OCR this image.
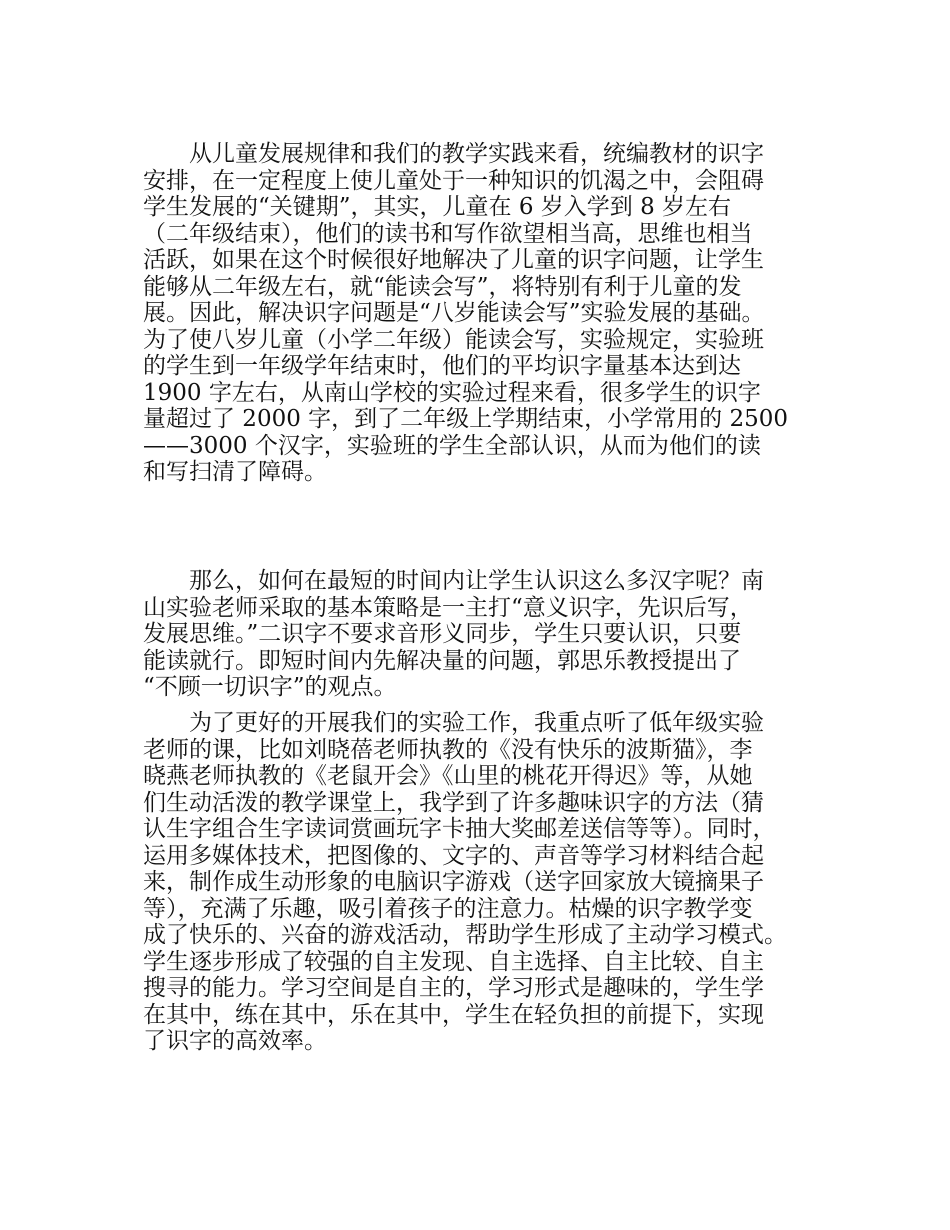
　　从儿童发展规律和我们的教学实践来看，统编教材的识字
安排，在一定程度上使儿童处于一种知识的饥渴之中，会阻碍
学生发展的“关键期”，其实，儿童在 6 岁入学到 8 岁左右
（二年级结束），他们的读书和写作欲望相当高，思维也相当
活跃，如果在这个时候很好地解决了儿童的识字问题，让学生
能够从二年级左右，就“能读会写”，将特别有利于儿童的发
展。因此，解决识字问题是“八岁能读会写”实验发展的基础。
为了使八岁儿童（小学二年级）能读会写，实验规定，实验班
的学生到一年级学年结束时，他们的平均识字量基本达到达
1900 字左右，从南山学校的实验过程来看，很多学生的识字
量超过了 2000 字，到了二年级上学期结束，小学常用的 2500
——3000 个汉字，实验班的学生全部认识，从而为他们的读
和写扫清了障碍。

　　那么，如何在最短的时间内让学生认识这么多汉字呢？南
山实验老师采取的基本策略是一主打“意义识字，先识后写，
发展思维。”二识字不要求音形义同步，学生只要认识，只要
能读就行。即短时间内先解决量的问题，郭思乐教授提出了
“不顾一切识字”的观点。

　　为了更好的开展我们的实验工作，我重点听了低年级实验
老师的课，比如刘晓蓓老师执教的《没有快乐的波斯猫》，李
晓燕老师执教的《老鼠开会》《山里的桃花开得迟》等，从她
们生动活泼的教学课堂上，我学到了许多趣味识字的方法（猜
认生字组合生字读词赏画玩字卡抽大奖邮差送信等等）。同时，
运用多媒体技术，把图像的、文字的、声音等学习材料结合起
来，制作成生动形象的电脑识字游戏（送字回家放大镜摘果子
等），充满了乐趣，吸引着孩子的注意力。枯燥的识字教学变
成了快乐的、兴奋的游戏活动，帮助学生形成了主动学习模式。
学生逐步形成了较强的自主发现、自主选择、自主比较、自主
搜寻的能力。学习空间是自主的，学习形式是趣味的，学生学
在其中，练在其中，乐在其中，学生在轻负担的前提下，实现
了识字的高效率。
